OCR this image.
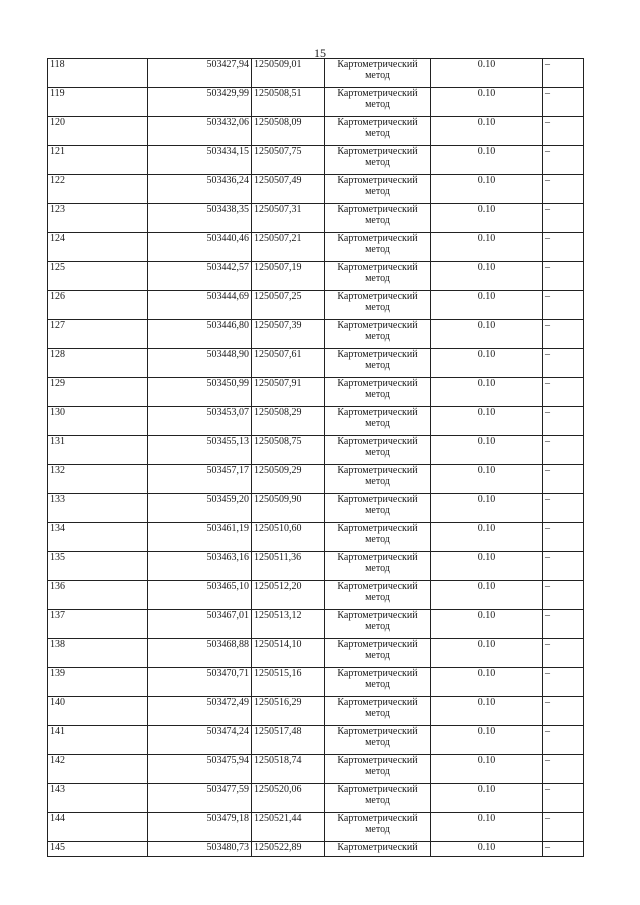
15
118	503427,94	1250509,01	Картометрический метод	0.10	–
119	503429,99	1250508,51	Картометрический метод	0.10	–
120	503432,06	1250508,09	Картометрический метод	0.10	–
121	503434,15	1250507,75	Картометрический метод	0.10	–
122	503436,24	1250507,49	Картометрический метод	0.10	–
123	503438,35	1250507,31	Картометрический метод	0.10	–
124	503440,46	1250507,21	Картометрический метод	0.10	–
125	503442,57	1250507,19	Картометрический метод	0.10	–
126	503444,69	1250507,25	Картометрический метод	0.10	–
127	503446,80	1250507,39	Картометрический метод	0.10	–
128	503448,90	1250507,61	Картометрический метод	0.10	–
129	503450,99	1250507,91	Картометрический метод	0.10	–
130	503453,07	1250508,29	Картометрический метод	0.10	–
131	503455,13	1250508,75	Картометрический метод	0.10	–
132	503457,17	1250509,29	Картометрический метод	0.10	–
133	503459,20	1250509,90	Картометрический метод	0.10	–
134	503461,19	1250510,60	Картометрический метод	0.10	–
135	503463,16	1250511,36	Картометрический метод	0.10	–
136	503465,10	1250512,20	Картометрический метод	0.10	–
137	503467,01	1250513,12	Картометрический метод	0.10	–
138	503468,88	1250514,10	Картометрический метод	0.10	–
139	503470,71	1250515,16	Картометрический метод	0.10	–
140	503472,49	1250516,29	Картометрический метод	0.10	–
141	503474,24	1250517,48	Картометрический метод	0.10	–
142	503475,94	1250518,74	Картометрический метод	0.10	–
143	503477,59	1250520,06	Картометрический метод	0.10	–
144	503479,18	1250521,44	Картометрический метод	0.10	–
145	503480,73	1250522,89	Картометрический	0.10	–
